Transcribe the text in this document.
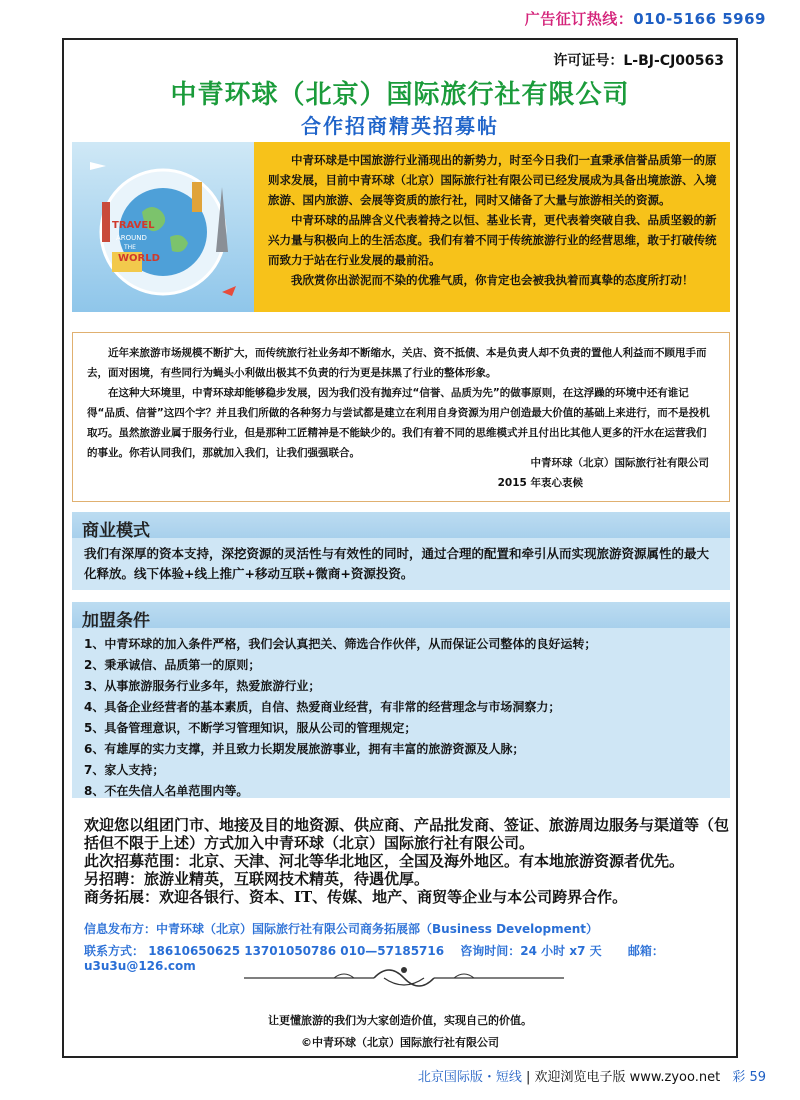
广告征订热线：010-5166 5969
许可证号：L-BJ-CJ00563
中青环球（北京）国际旅行社有限公司
合作招商精英招募帖
TRAVEL
AROUND
THE
WORLD

中青环球是中国旅游行业涌现出的新势力，时至今日我们一直秉承信誉品质第一的原则求发展，目前中青环球（北京）国际旅行社有限公司已经发展成为具备出境旅游、入境旅游、国内旅游、会展等资质的旅行社，同时又储备了大量与旅游相关的资源。

中青环球的品牌含义代表着持之以恒、基业长青，更代表着突破自我、品质坚毅的新兴力量与积极向上的生活态度。我们有着不同于传统旅游行业的经营思维，敢于打破传统而致力于站在行业发展的最前沿。

我欣赏你出淤泥而不染的优雅气质，你肯定也会被我执着而真挚的态度所打动！

近年来旅游市场规模不断扩大，而传统旅行社业务却不断缩水，关店、资不抵债、本是负责人却不负责的置他人利益而不顾甩手而去，面对困境，有些同行为蝇头小利做出极其不负责的行为更是抹黑了行业的整体形象。

在这种大环境里，中青环球却能够稳步发展，因为我们没有抛弃过“信誉、品质为先”的做事原则，在这浮躁的环境中还有谁记得“品质、信誉”这四个字？并且我们所做的各种努力与尝试都是建立在利用自身资源为用户创造最大价值的基础上来进行，而不是投机取巧。虽然旅游业属于服务行业，但是那种工匠精神是不能缺少的。我们有着不同的思维模式并且付出比其他人更多的汗水在运营我们的事业。你若认同我们，那就加入我们，让我们强强联合。

中青环球（北京）国际旅行社有限公司
2015 年衷心衷候
商业模式
我们有深厚的资本支持，深挖资源的灵活性与有效性的同时，通过合理的配置和牵引从而实现旅游资源属性的最大化释放。线下体验+线上推广+移动互联+微商+资源投资。
加盟条件
1、中青环球的加入条件严格，我们会认真把关、筛选合作伙伴，从而保证公司整体的良好运转；
2、秉承诚信、品质第一的原则；
3、从事旅游服务行业多年，热爱旅游行业；
4、具备企业经营者的基本素质，自信、热爱商业经营，有非常的经营理念与市场洞察力；
5、具备管理意识，不断学习管理知识，服从公司的管理规定；
6、有雄厚的实力支撑，并且致力长期发展旅游事业，拥有丰富的旅游资源及人脉；
7、家人支持；
8、不在失信人名单范围内等。
欢迎您以组团门市、地接及目的地资源、供应商、产品批发商、签证、旅游周边服务与渠道等（包括但不限于上述）方式加入中青环球（北京）国际旅行社有限公司。
此次招募范围：北京、天津、河北等华北地区，全国及海外地区。有本地旅游资源者优先。
另招聘：旅游业精英，互联网技术精英，待遇优厚。
商务拓展：欢迎各银行、资本、IT、传媒、地产、商贸等企业与本公司跨界合作。
信息发布方：中青环球（北京）国际旅行社有限公司商务拓展部（Business Development）
联系方式： 18610650625 13701050786 010—57185716 咨询时间：24 小时 x7 天 邮箱：u3u3u@126.com
让更懂旅游的我们为大家创造价值，实现自己的价值。
©中青环球（北京）国际旅行社有限公司
北京国际版・短线 | 欢迎浏览电子版 www.zyoo.net 彩 59
